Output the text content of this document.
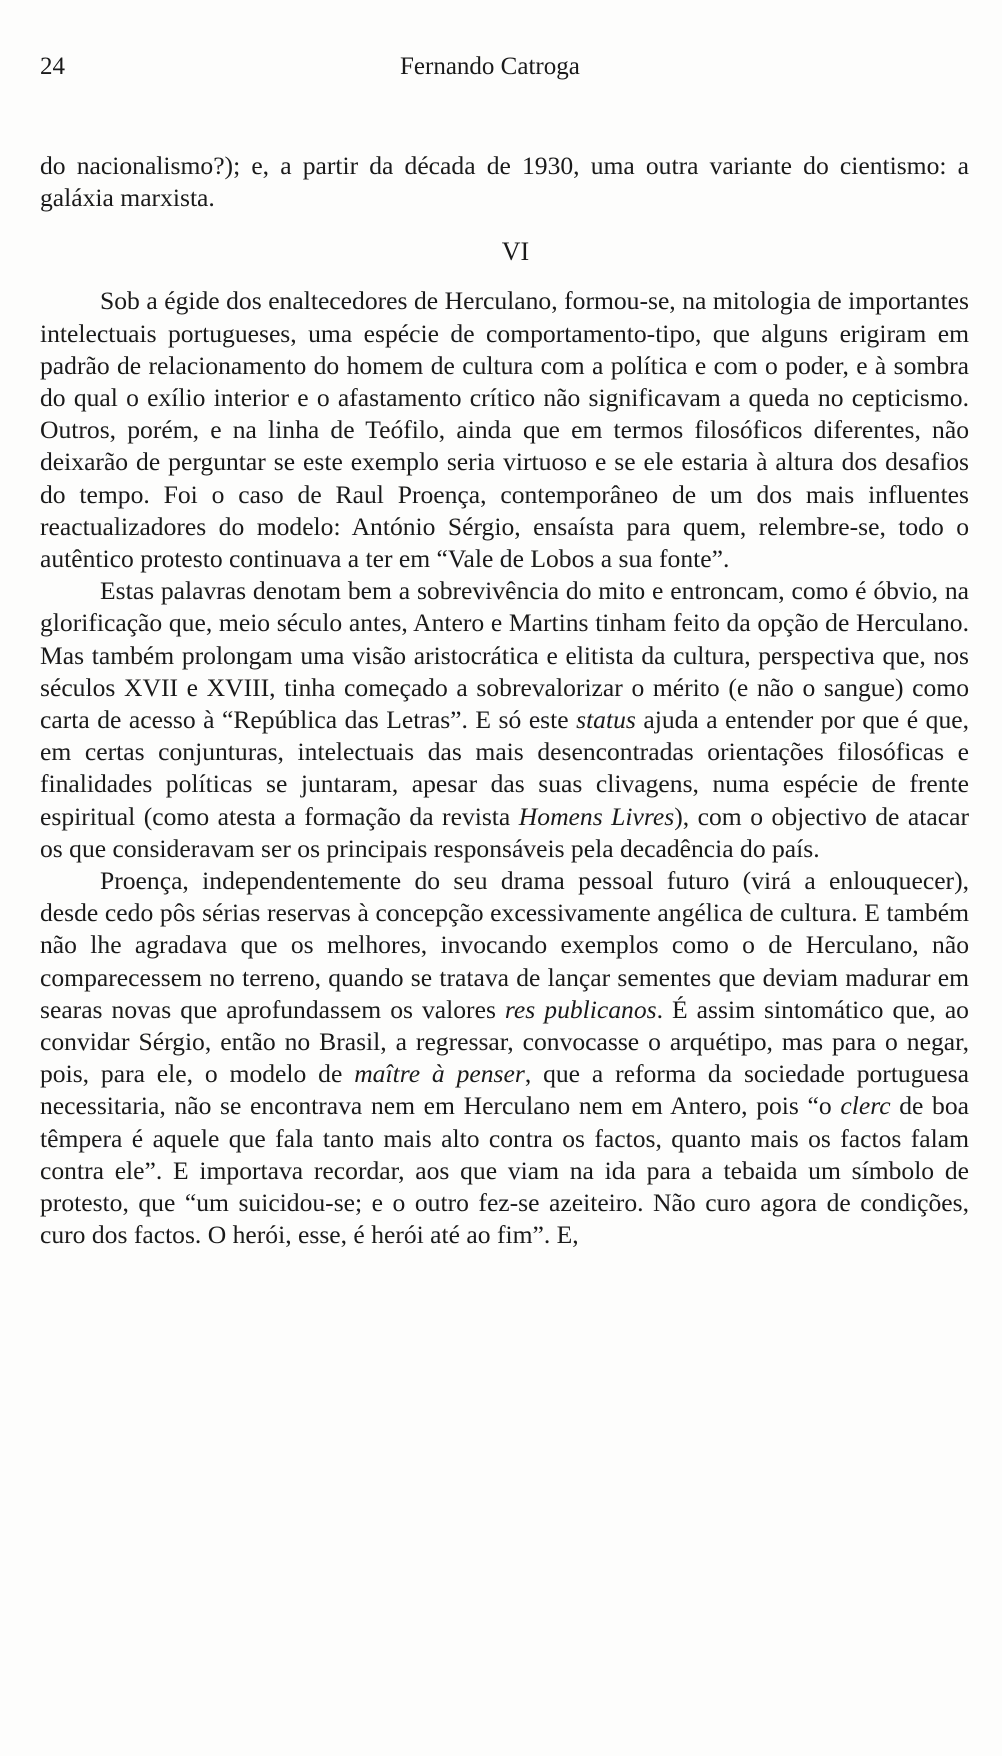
24	Fernando Catroga

do nacionalismo?); e, a partir da década de 1930, uma outra variante do cientismo: a galáxia marxista.

VI

Sob a égide dos enaltecedores de Herculano, formou-se, na mitologia de importantes intelectuais portugueses, uma espécie de comportamento-tipo, que alguns erigiram em padrão de relacionamento do homem de cultura com a política e com o poder, e à sombra do qual o exílio interior e o afastamento crítico não significavam a queda no cepticismo. Outros, porém, e na linha de Teófilo, ainda que em termos filosóficos diferentes, não deixarão de perguntar se este exemplo seria virtuoso e se ele estaria à altura dos desafios do tempo. Foi o caso de Raul Proença, contemporâneo de um dos mais influentes reactualizadores do modelo: António Sérgio, ensaísta para quem, relembre-se, todo o autêntico protesto continuava a ter em “Vale de Lobos a sua fonte”.

Estas palavras denotam bem a sobrevivência do mito e entroncam, como é óbvio, na glorificação que, meio século antes, Antero e Martins tinham feito da opção de Herculano. Mas também prolongam uma visão aristocrática e elitista da cultura, perspectiva que, nos séculos XVII e XVIII, tinha começado a sobrevalorizar o mérito (e não o sangue) como carta de acesso à “República das Letras”. E só este status ajuda a entender por que é que, em certas conjunturas, intelectuais das mais desencontradas orientações filosóficas e finalidades políticas se juntaram, apesar das suas clivagens, numa espécie de frente espiritual (como atesta a formação da revista Homens Livres), com o objectivo de atacar os que consideravam ser os principais responsáveis pela decadência do país.

Proença, independentemente do seu drama pessoal futuro (virá a enlouquecer), desde cedo pôs sérias reservas à concepção excessivamente angélica de cultura. E também não lhe agradava que os melhores, invocando exemplos como o de Herculano, não comparecessem no terreno, quando se tratava de lançar sementes que deviam madurar em searas novas que aprofundassem os valores res publicanos. É assim sintomático que, ao convidar Sérgio, então no Brasil, a regressar, convocasse o arquétipo, mas para o negar, pois, para ele, o modelo de maître à penser, que a reforma da sociedade portuguesa necessitaria, não se encontrava nem em Herculano nem em Antero, pois “o clerc de boa têmpera é aquele que fala tanto mais alto contra os factos, quanto mais os factos falam contra ele”. E importava recordar, aos que viam na ida para a tebaida um símbolo de protesto, que “um suicidou-se; e o outro fez-se azeiteiro. Não curo agora de condições, curo dos factos. O herói, esse, é herói até ao fim”. E,
